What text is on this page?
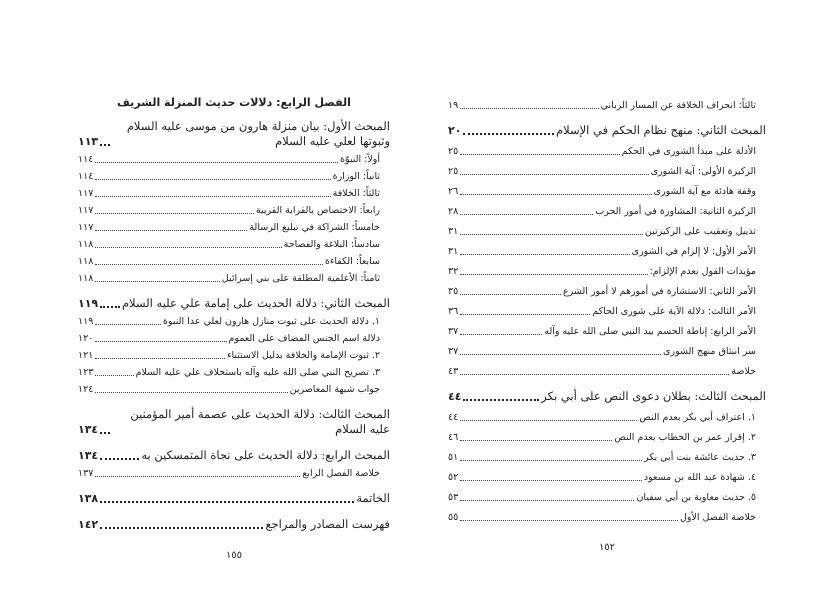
الفصل الرابع: دلالات حديث المنزلة الشريف
المبحث الأول: بيان منزلة هارون من موسى عليه السلام وثبوتها لعلي عليه السلام
١١٣
أولاً: النبوّة
١١٤
ثانياً: الوزارة
١١٤
ثالثاً: الخلافة
١١٧
رابعاً: الاختصاص بالقرابة القريبة
١١٧
خامساً: الشراكة في تبليغ الرسالة
١١٧
سادساً: البلاغة والفصاحة
١١٨
سابعاً: الكفاءة
١١٨
ثامناً: الأعلمية المطلقة على بني إسرائيل
١١٨
المبحث الثاني: دلالة الحديث على إمامة علي عليه السلام
١١٩
١. دلالة الحديث على ثبوت منازل هارون لعلي عدا النبوة
١١٩
دلالة اسم الجنس المضاف على العموم
١٢٠
٢. ثبوت الإمامة والخلافة بدليل الاستثناء
١٢١
٣. تصريح النبي صلى الله عليه وآله باستخلاف علي عليه السلام
١٢٣
جواب شبهة المعاصرين
١٢٤
المبحث الثالث: دلالة الحديث على عصمة أمير المؤمنين عليه السلام
١٣٤
المبحث الرابع: دلالة الحديث على نجاة المتمسكين به
١٣٤
خلاصة الفصل الرابع
١٣٧
الخاتمة
١٣٨
فهرست المصادر والمراجع
١٤٢
١٥٥
ثالثاً: انحراف الخلافة عن المسار الرباني
١٩
المبحث الثاني: منهج نظام الحكم في الإسلام
٢٠
الأدلة على مبدأ الشورى في الحكم
٢٥
الركيزة الأولى: آية الشورى
٢٥
وقفة هادئة مع آية الشورى
٢٦
الركيزة الثانية: المشاورة في أمور الحرب
٢٨
تذييل وتعقيب على الركيزتين
٣١
الأمر الأول: لا إلزام في الشورى
٣١
مؤيدات القول بعدم الإلزام:
٣٢
الأمر الثاني: الاستشارة في أمورهم لا أمور الشرع
٣٥
الأمر الثالث: دلالة الآية على شورى الحاكم
٣٦
الأمر الرابع: إناطة الحسم بيد النبي صلى الله عليه وآله
٣٧
سر انبثاق منهج الشورى
٣٧
خلاصة
٤٣
المبحث الثالث: بطلان دعوى النص على أبي بكر
٤٤
١. اعتراف أبي بكر بعدم النص
٤٤
٢. إقرار عمر بن الخطاب بعدم النص
٤٦
٣. حديث عائشة بنت أبي بكر
٥١
٤. شهادة عبد الله بن مسعود
٥٢
٥. حديث معاوية بن أبي سفيان
٥٣
خلاصة الفصل الأول
٥٥
١٥٢
